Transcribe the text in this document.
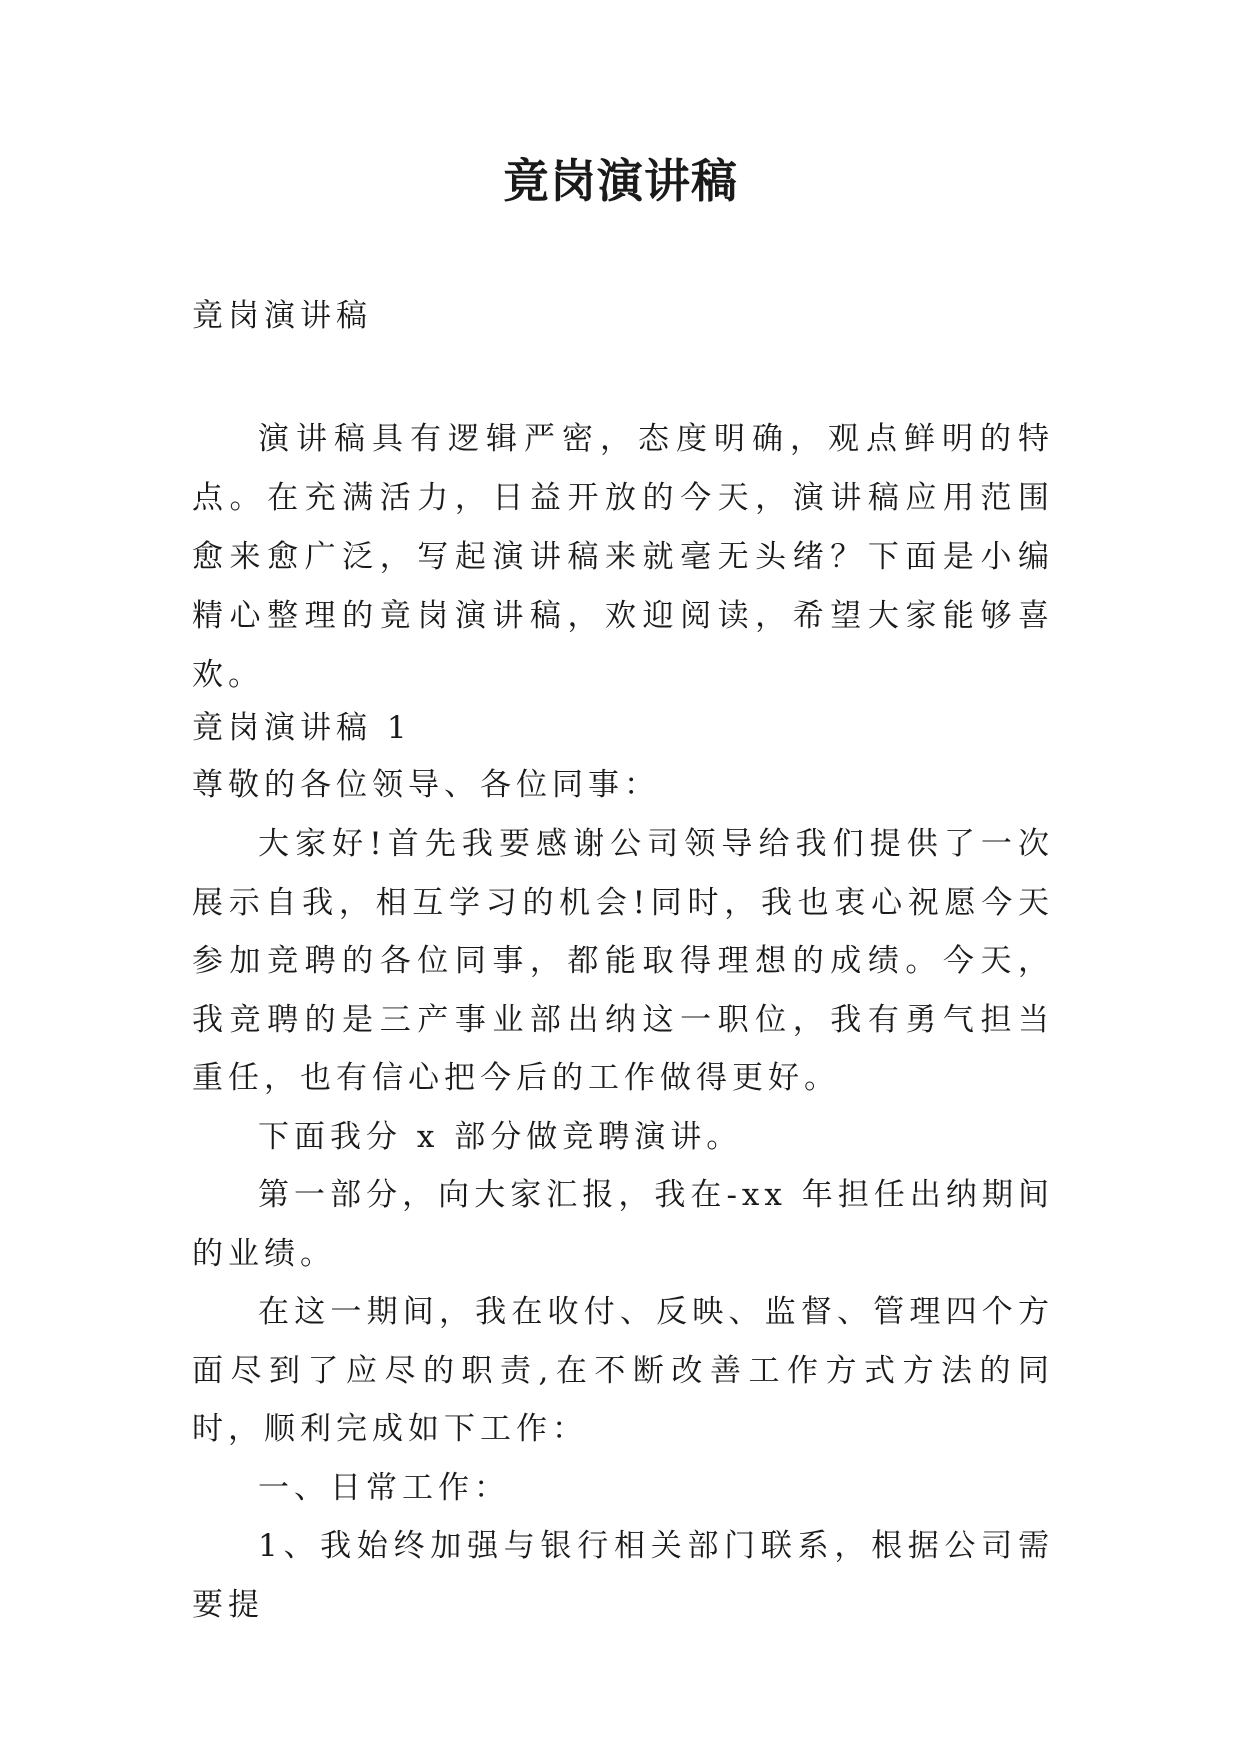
竟岗演讲稿

竟岗演讲稿

演讲稿具有逻辑严密，态度明确，观点鲜明的特点。在充满活力，日益开放的今天，演讲稿应用范围愈来愈广泛，写起演讲稿来就毫无头绪？下面是小编精心整理的竟岗演讲稿，欢迎阅读，希望大家能够喜欢。

竟岗演讲稿 1

尊敬的各位领导、各位同事：

大家好!首先我要感谢公司领导给我们提供了一次展示自我，相互学习的机会!同时，我也衷心祝愿今天参加竞聘的各位同事，都能取得理想的成绩。今天，我竞聘的是三产事业部出纳这一职位，我有勇气担当重任，也有信心把今后的工作做得更好。

下面我分 x 部分做竞聘演讲。

第一部分，向大家汇报，我在-xx 年担任出纳期间的业绩。

在这一期间，我在收付、反映、监督、管理四个方面尽到了应尽的职责,在不断改善工作方式方法的同时，顺利完成如下工作：

一、日常工作：

1、我始终加强与银行相关部门联系，根据公司需要提
